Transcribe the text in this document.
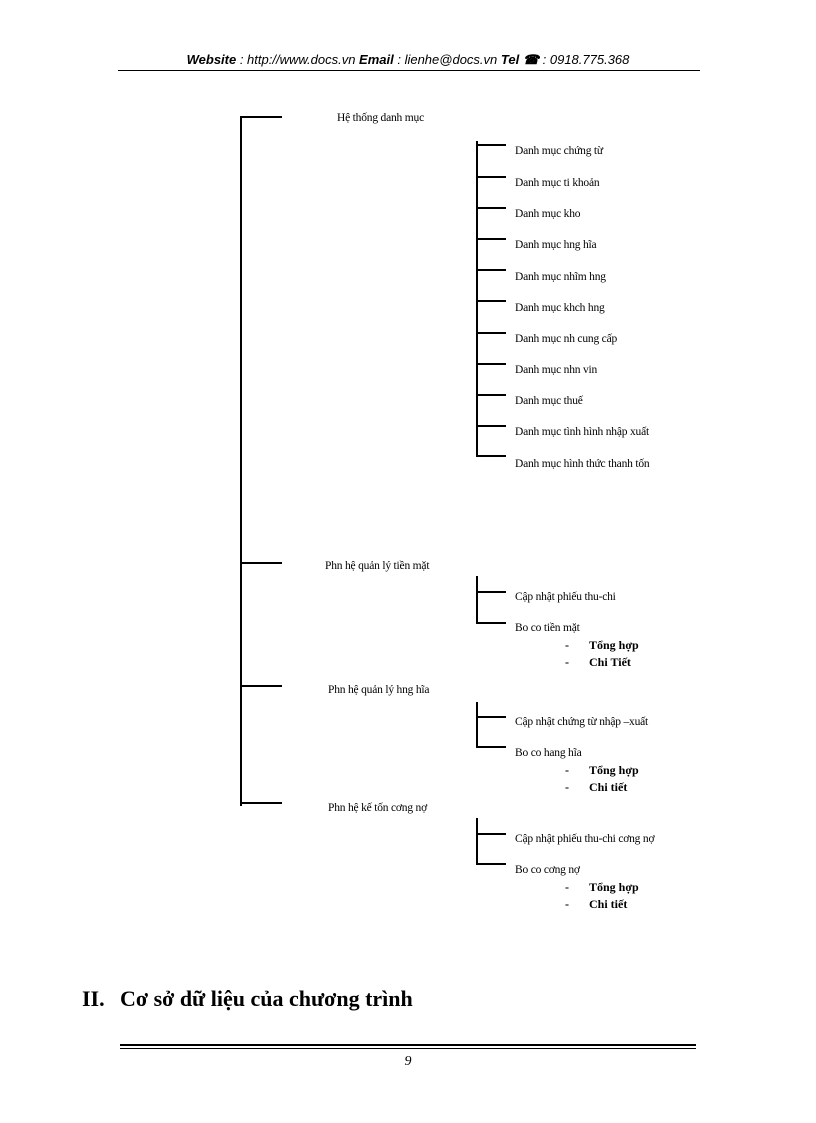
Website : http://www.docs.vn Email : lienhe@docs.vn Tel ☎ : 0918.775.368
Hệ thống danh mục
Danh mục chứng từ
Danh mục ti khoản
Danh mục kho
Danh mục hng hĩa
Danh mục nhĩm hng
Danh mục khch hng
Danh mục nh cung cấp
Danh mục nhn vin
Danh mục thuế
Danh mục tình hình nhập xuất
Danh mục hình thức thanh tốn
Phn hệ quản lý tiền mặt
Cập nhật phiếu thu-chi
Bo co tiền mặt
- Tổng hợp
- Chi Tiết
Phn hệ quản lý hng hĩa
Cập nhật chứng từ nhập –xuất
Bo co hang hĩa
- Tổng hợp
- Chi tiết
Phn hệ kế tốn cơng nợ
Cập nhật phiếu thu-chi cơng nợ
Bo co cơng nợ
- Tổng hợp
- Chi tiết
II. Cơ sở dữ liệu của chương trình
9
